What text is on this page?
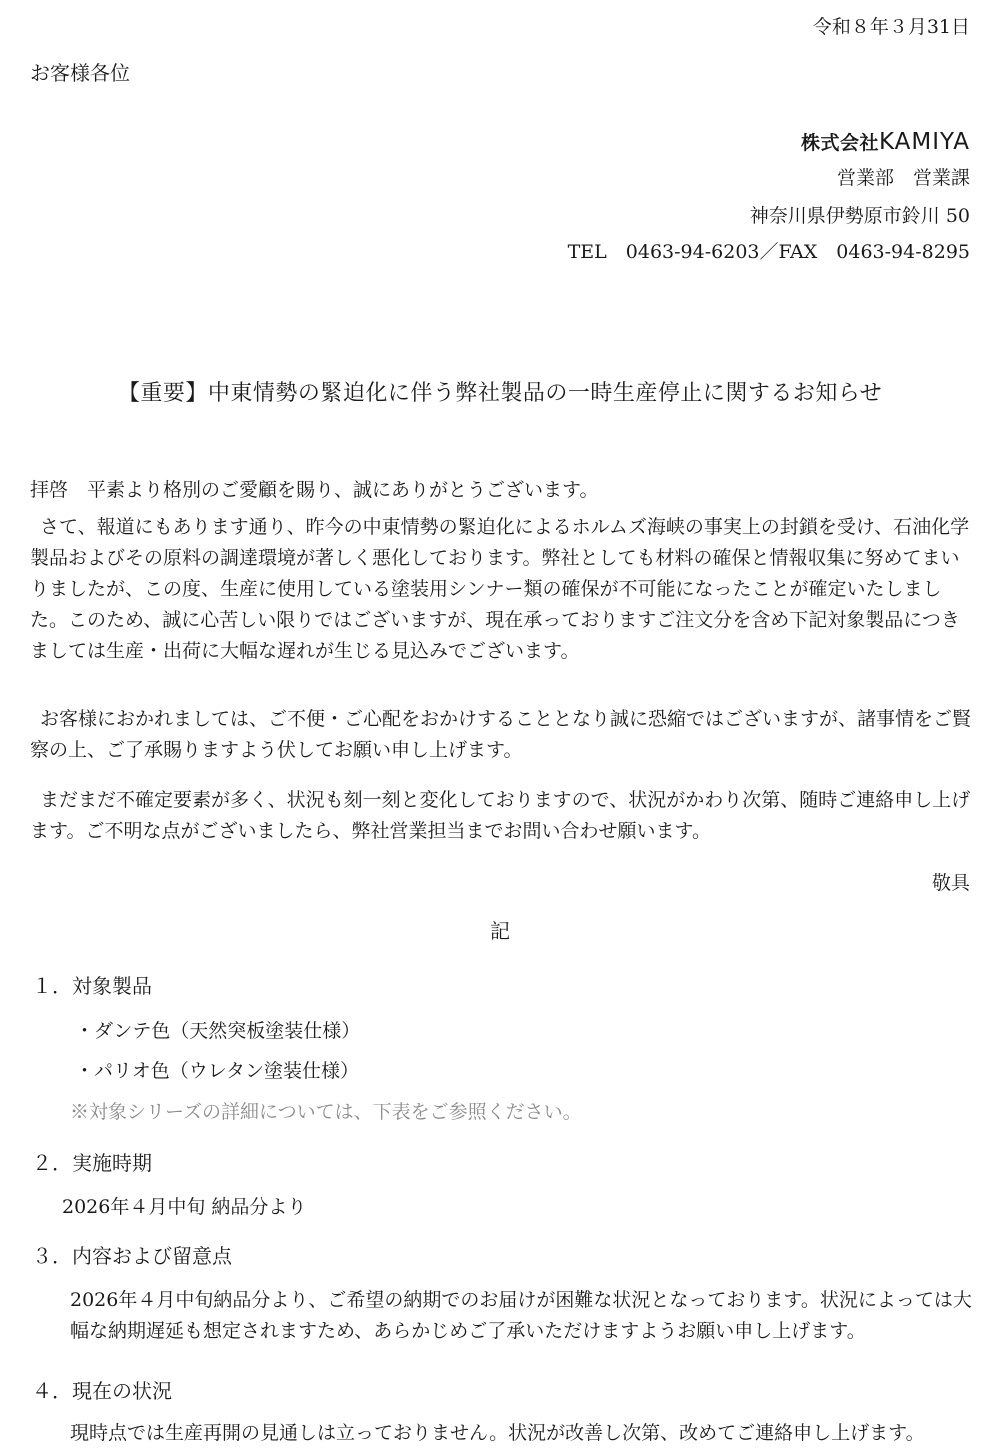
令和８年３月31日
お客様各位
株式会社KAMIYA
営業部　営業課
神奈川県伊勢原市鈴川 50
TEL　0463-94-6203／FAX　0463-94-8295
【重要】中東情勢の緊迫化に伴う弊社製品の一時生産停止に関するお知らせ
拝啓　平素より格別のご愛顧を賜り、誠にありがとうございます。
さて、報道にもあります通り、昨今の中東情勢の緊迫化によるホルムズ海峡の事実上の封鎖を受け、石油化学製品およびその原料の調達環境が著しく悪化しております。弊社としても材料の確保と情報収集に努めてまいりましたが、この度、生産に使用している塗装用シンナー類の確保が不可能になったことが確定いたしました。このため、誠に心苦しい限りではございますが、現在承っておりますご注文分を含め下記対象製品につきましては生産・出荷に大幅な遅れが生じる見込みでございます。
お客様におかれましては、ご不便・ご心配をおかけすることとなり誠に恐縮ではございますが、諸事情をご賢察の上、ご了承賜りますよう伏してお願い申し上げます。
まだまだ不確定要素が多く、状況も刻一刻と変化しておりますので、状況がかわり次第、随時ご連絡申し上げます。ご不明な点がございましたら、弊社営業担当までお問い合わせ願います。
敬具
記
１．対象製品
・ダンテ色（天然突板塗装仕様）
・パリオ色（ウレタン塗装仕様）
※対象シリーズの詳細については、下表をご参照ください。
２．実施時期
2026年４月中旬 納品分より
３．内容および留意点
2026年４月中旬納品分より、ご希望の納期でのお届けが困難な状況となっております。状況によっては大幅な納期遅延も想定されますため、あらかじめご了承いただけますようお願い申し上げます。
４．現在の状況
現時点では生産再開の見通しは立っておりません。状況が改善し次第、改めてご連絡申し上げます。
